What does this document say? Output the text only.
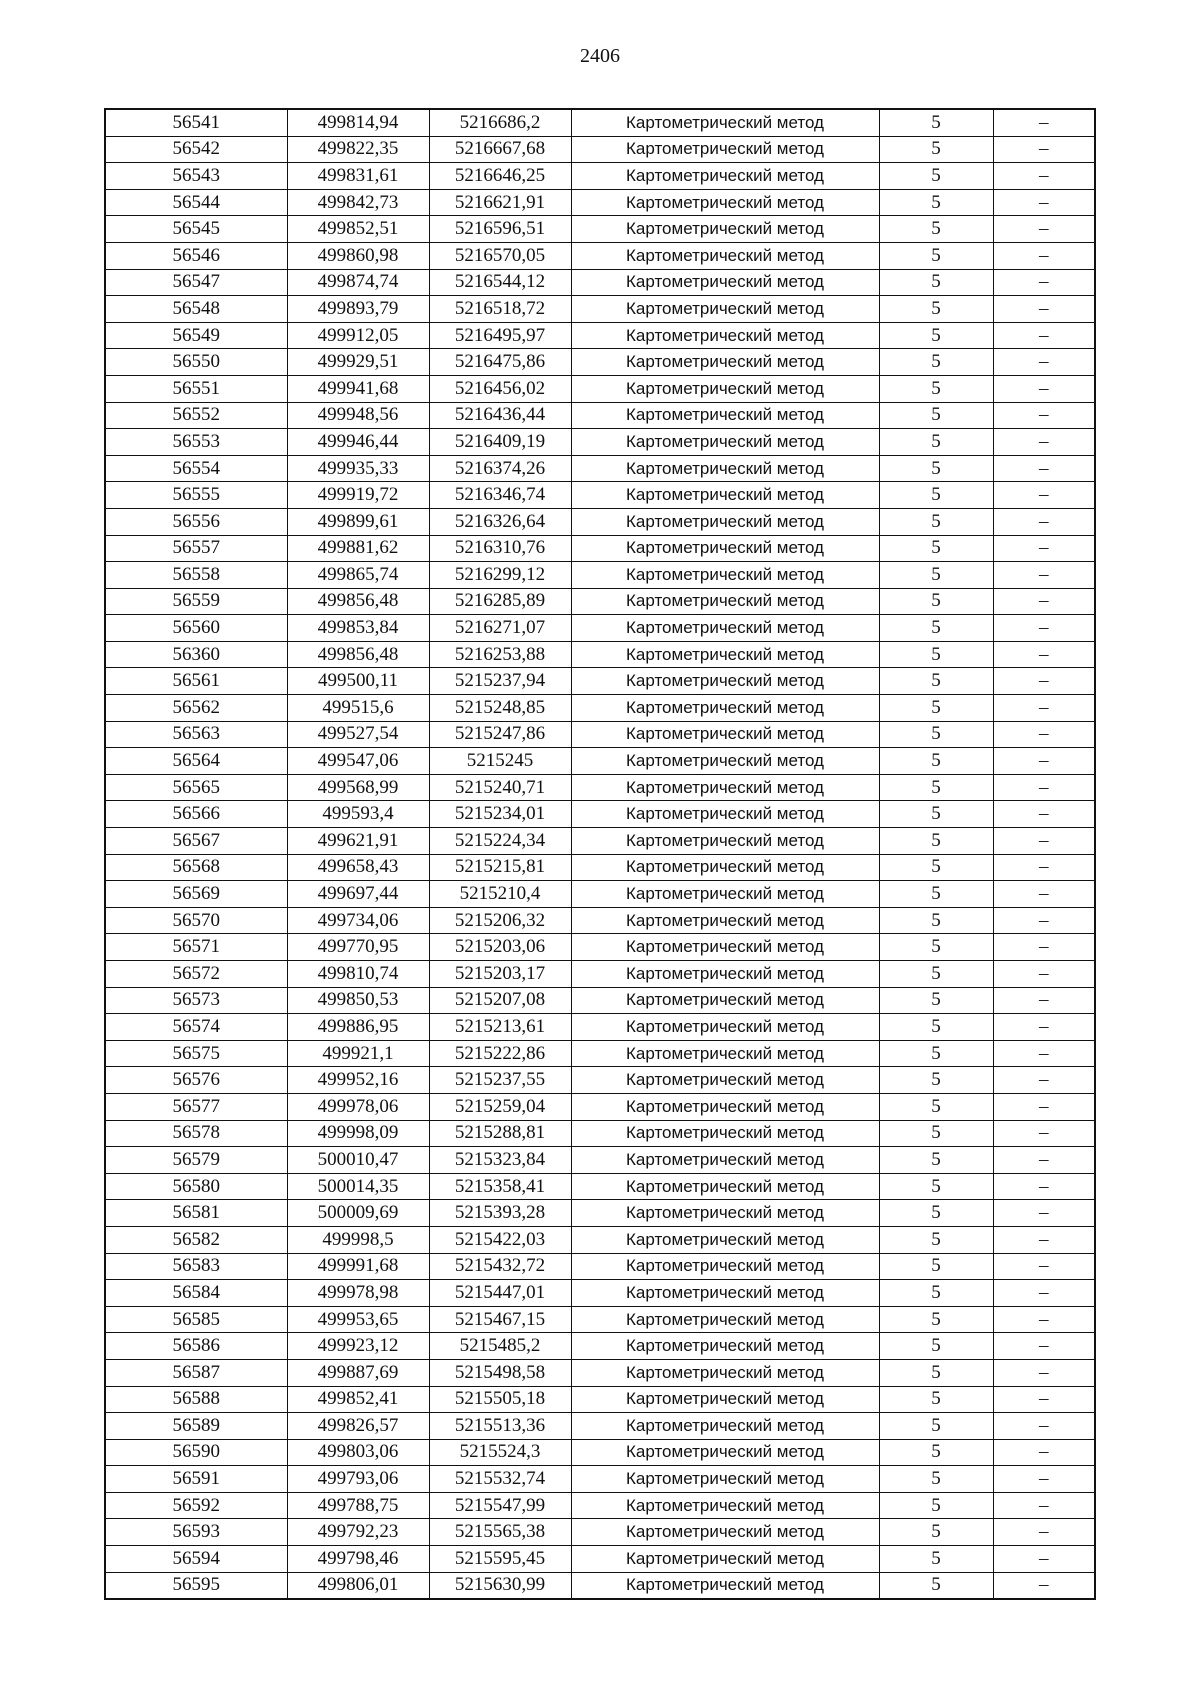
2406
56541	499814,94	5216686,2	Картометрический метод	5	–
56542	499822,35	5216667,68	Картометрический метод	5	–
56543	499831,61	5216646,25	Картометрический метод	5	–
56544	499842,73	5216621,91	Картометрический метод	5	–
56545	499852,51	5216596,51	Картометрический метод	5	–
56546	499860,98	5216570,05	Картометрический метод	5	–
56547	499874,74	5216544,12	Картометрический метод	5	–
56548	499893,79	5216518,72	Картометрический метод	5	–
56549	499912,05	5216495,97	Картометрический метод	5	–
56550	499929,51	5216475,86	Картометрический метод	5	–
56551	499941,68	5216456,02	Картометрический метод	5	–
56552	499948,56	5216436,44	Картометрический метод	5	–
56553	499946,44	5216409,19	Картометрический метод	5	–
56554	499935,33	5216374,26	Картометрический метод	5	–
56555	499919,72	5216346,74	Картометрический метод	5	–
56556	499899,61	5216326,64	Картометрический метод	5	–
56557	499881,62	5216310,76	Картометрический метод	5	–
56558	499865,74	5216299,12	Картометрический метод	5	–
56559	499856,48	5216285,89	Картометрический метод	5	–
56560	499853,84	5216271,07	Картометрический метод	5	–
56360	499856,48	5216253,88	Картометрический метод	5	–
56561	499500,11	5215237,94	Картометрический метод	5	–
56562	499515,6	5215248,85	Картометрический метод	5	–
56563	499527,54	5215247,86	Картометрический метод	5	–
56564	499547,06	5215245	Картометрический метод	5	–
56565	499568,99	5215240,71	Картометрический метод	5	–
56566	499593,4	5215234,01	Картометрический метод	5	–
56567	499621,91	5215224,34	Картометрический метод	5	–
56568	499658,43	5215215,81	Картометрический метод	5	–
56569	499697,44	5215210,4	Картометрический метод	5	–
56570	499734,06	5215206,32	Картометрический метод	5	–
56571	499770,95	5215203,06	Картометрический метод	5	–
56572	499810,74	5215203,17	Картометрический метод	5	–
56573	499850,53	5215207,08	Картометрический метод	5	–
56574	499886,95	5215213,61	Картометрический метод	5	–
56575	499921,1	5215222,86	Картометрический метод	5	–
56576	499952,16	5215237,55	Картометрический метод	5	–
56577	499978,06	5215259,04	Картометрический метод	5	–
56578	499998,09	5215288,81	Картометрический метод	5	–
56579	500010,47	5215323,84	Картометрический метод	5	–
56580	500014,35	5215358,41	Картометрический метод	5	–
56581	500009,69	5215393,28	Картометрический метод	5	–
56582	499998,5	5215422,03	Картометрический метод	5	–
56583	499991,68	5215432,72	Картометрический метод	5	–
56584	499978,98	5215447,01	Картометрический метод	5	–
56585	499953,65	5215467,15	Картометрический метод	5	–
56586	499923,12	5215485,2	Картометрический метод	5	–
56587	499887,69	5215498,58	Картометрический метод	5	–
56588	499852,41	5215505,18	Картометрический метод	5	–
56589	499826,57	5215513,36	Картометрический метод	5	–
56590	499803,06	5215524,3	Картометрический метод	5	–
56591	499793,06	5215532,74	Картометрический метод	5	–
56592	499788,75	5215547,99	Картометрический метод	5	–
56593	499792,23	5215565,38	Картометрический метод	5	–
56594	499798,46	5215595,45	Картометрический метод	5	–
56595	499806,01	5215630,99	Картометрический метод	5	–
